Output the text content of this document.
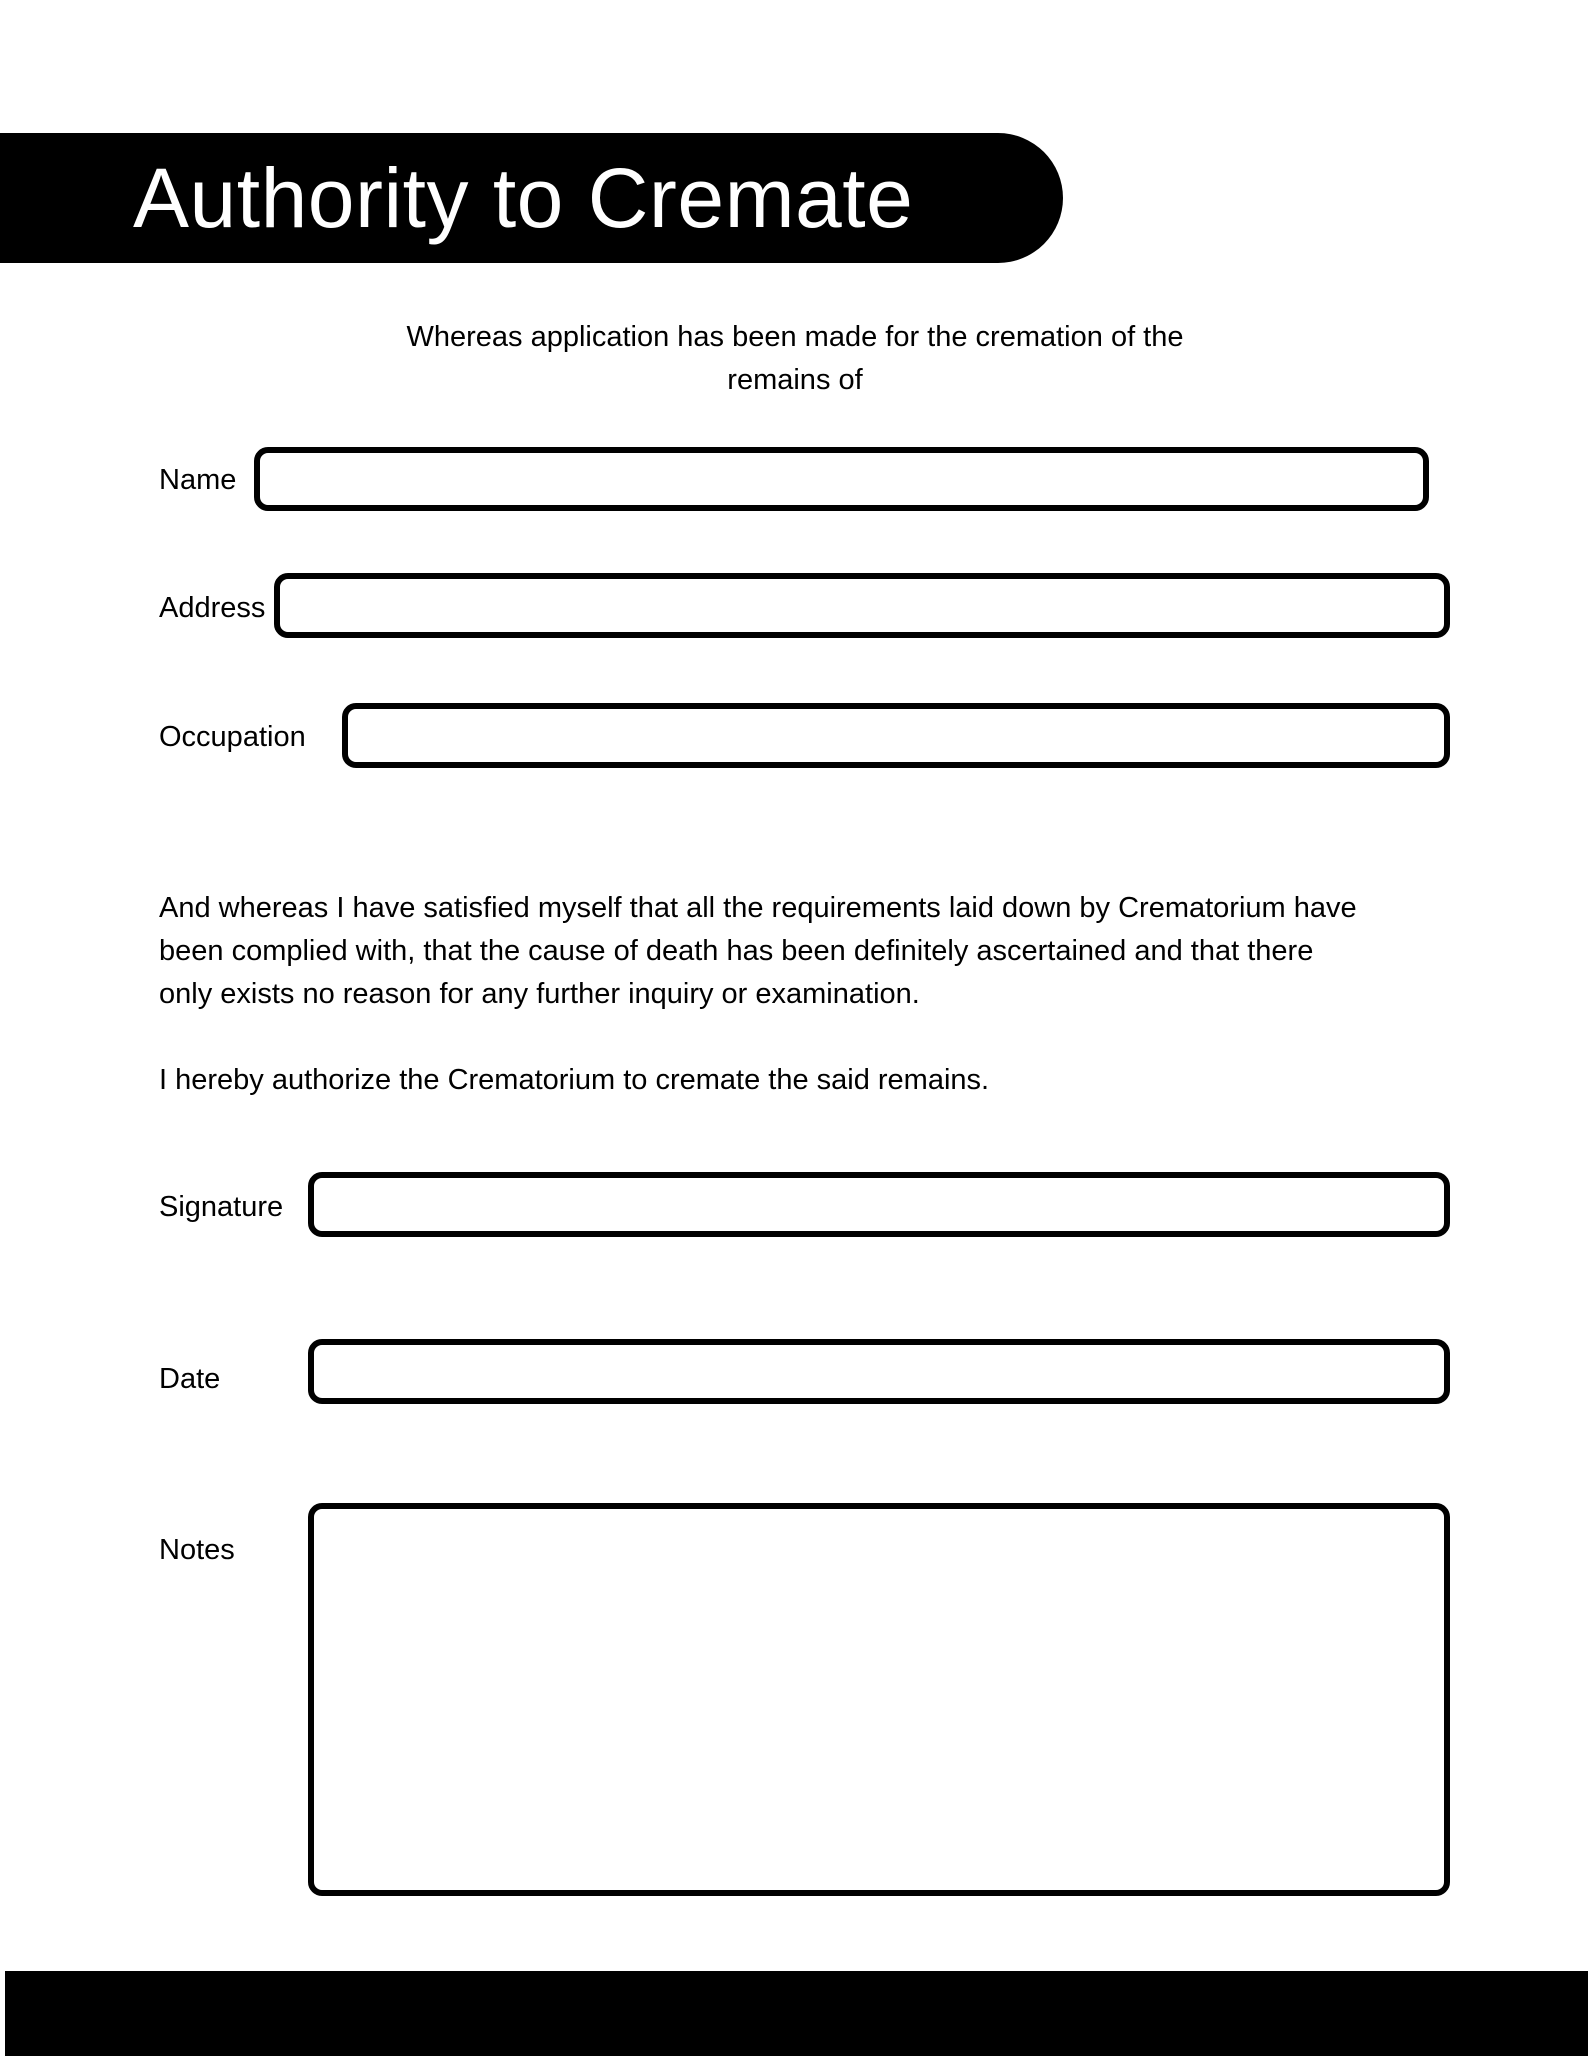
Authority to Cremate
Whereas application has been made for the cremation of the
remains of
Name
Address
Occupation
And whereas I have satisfied myself that all the requirements laid down by Crematorium have
been complied with, that the cause of death has been definitely ascertained and that there
only exists no reason for any further inquiry or examination.
I hereby authorize the Crematorium to cremate the said remains.
Signature
Date
Notes
